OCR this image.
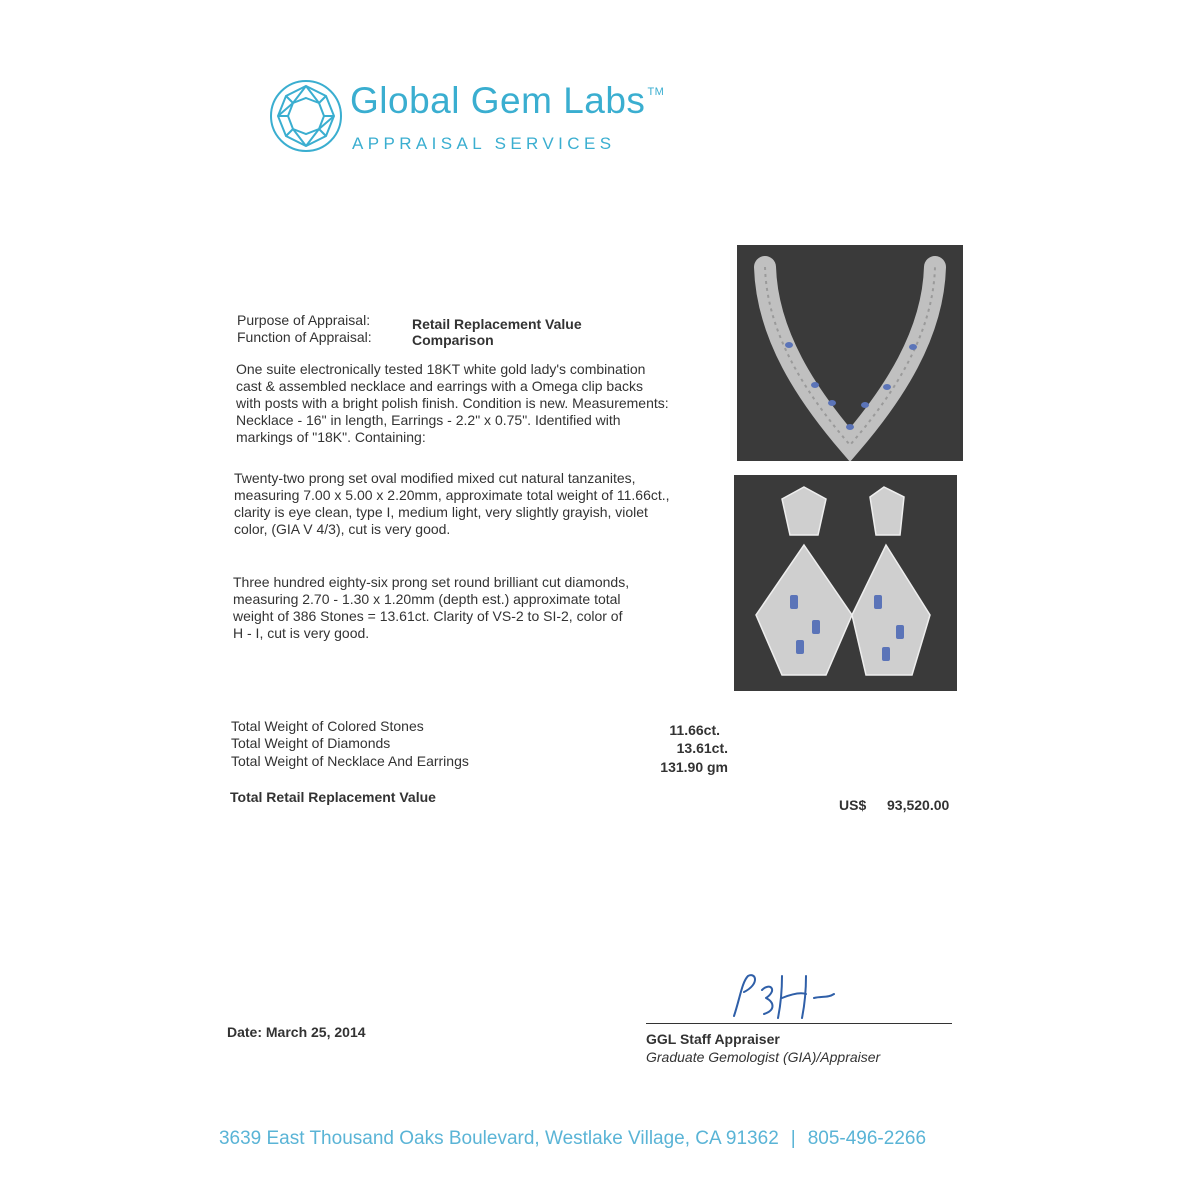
Global Gem Labs ™
APPRAISAL SERVICES
Purpose of Appraisal:	Retail Replacement Value
Function of Appraisal:	Comparison
One suite electronically tested 18KT white gold lady's combination
cast & assembled necklace and earrings with a Omega clip backs
with posts with a bright polish finish. Condition is new. Measurements:
Necklace - 16" in length, Earrings - 2.2" x 0.75". Identified with
markings of "18K". Containing:
Twenty-two prong set oval modified mixed cut natural tanzanites,
measuring 7.00 x 5.00 x 2.20mm, approximate total weight of 11.66ct.,
clarity is eye clean, type I, medium light, very slightly grayish, violet
color, (GIA V 4/3), cut is very good.
Three hundred eighty-six prong set round brilliant cut diamonds,
measuring 2.70 - 1.30 x 1.20mm (depth est.) approximate total
weight of 386 Stones = 13.61ct. Clarity of VS-2 to SI-2, color of
H - I, cut is very good.
Total Weight of Colored Stones	11.66ct.
Total Weight of Diamonds	13.61ct.
Total Weight of Necklace And Earrings	131.90 gm
Total Retail Replacement Value	US$ 93,520.00
Date: March 25, 2014	GGL Staff Appraiser
Graduate Gemologist (GIA)/Appraiser
3639 East Thousand Oaks Boulevard, Westlake Village, CA 91362 | 805-496-2266
